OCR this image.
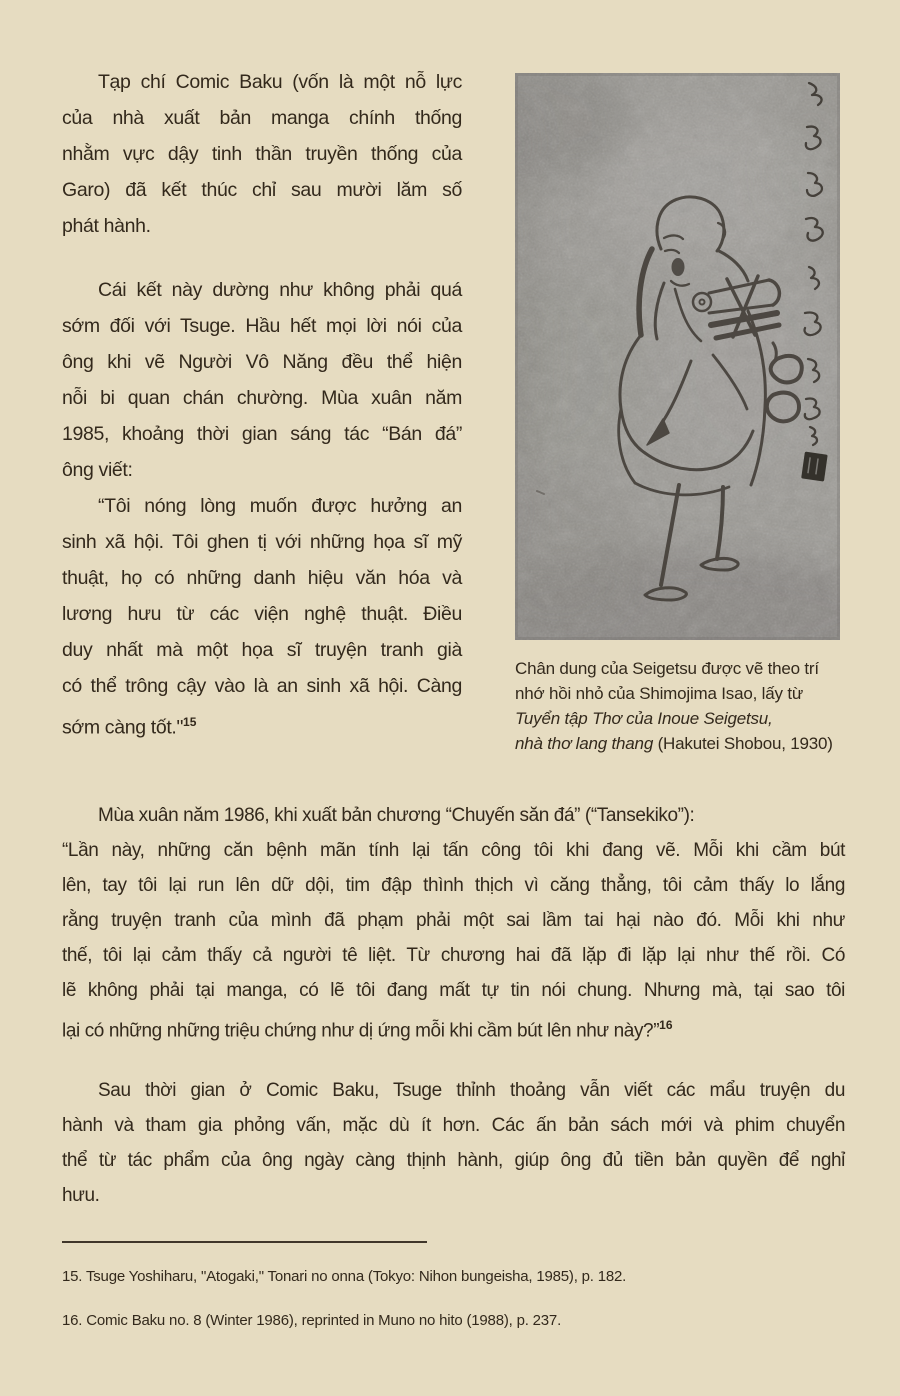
Tạp chí Comic Baku (vốn là một nỗ lực
của nhà xuất bản manga chính thống
nhằm vực dậy tinh thần truyền thống của
Garo) đã kết thúc chỉ sau mười lăm số
phát hành.
Cái kết này dường như không phải quá
sớm đối với Tsuge. Hầu hết mọi lời nói của
ông khi vẽ Người Vô Năng đều thể hiện
nỗi bi quan chán chường. Mùa xuân năm
1985, khoảng thời gian sáng tác “Bán đá”
ông viết:
“Tôi nóng lòng muốn được hưởng an
sinh xã hội. Tôi ghen tị với những họa sĩ mỹ
thuật, họ có những danh hiệu văn hóa và
lương hưu từ các viện nghệ thuật. Điều
duy nhất mà một họa sĩ truyện tranh già
có thể trông cậy vào là an sinh xã hội. Càng
sớm càng tốt."$^{15}$
Chân dung của Seigetsu được vẽ theo trí
nhớ hồi nhỏ của Shimojima Isao, lấy từ
Tuyển tập Thơ của Inoue Seigetsu,
nhà thơ lang thang (Hakutei Shobou, 1930)
Mùa xuân năm 1986, khi xuất bản chương “Chuyến săn đá” (“Tansekiko”):
“Lần này, những căn bệnh mãn tính lại tấn công tôi khi đang vẽ. Mỗi khi cầm bút
lên, tay tôi lại run lên dữ dội, tim đập thình thịch vì căng thẳng, tôi cảm thấy lo lắng
rằng truyện tranh của mình đã phạm phải một sai lầm tai hại nào đó. Mỗi khi như
thế, tôi lại cảm thấy cả người tê liệt. Từ chương hai đã lặp đi lặp lại như thế rồi. Có
lẽ không phải tại manga, có lẽ tôi đang mất tự tin nói chung. Nhưng mà, tại sao tôi
lại có những những triệu chứng như dị ứng mỗi khi cầm bút lên như này?”$^{16}$
Sau thời gian ở Comic Baku, Tsuge thỉnh thoảng vẫn viết các mẩu truyện du
hành và tham gia phỏng vấn, mặc dù ít hơn. Các ấn bản sách mới và phim chuyển
thể từ tác phẩm của ông ngày càng thịnh hành, giúp ông đủ tiền bản quyền để nghỉ
hưu.
15. Tsuge Yoshiharu, "Atogaki," Tonari no onna (Tokyo: Nihon bungeisha, 1985), p. 182.
16. Comic Baku no. 8 (Winter 1986), reprinted in Muno no hito (1988), p. 237.
